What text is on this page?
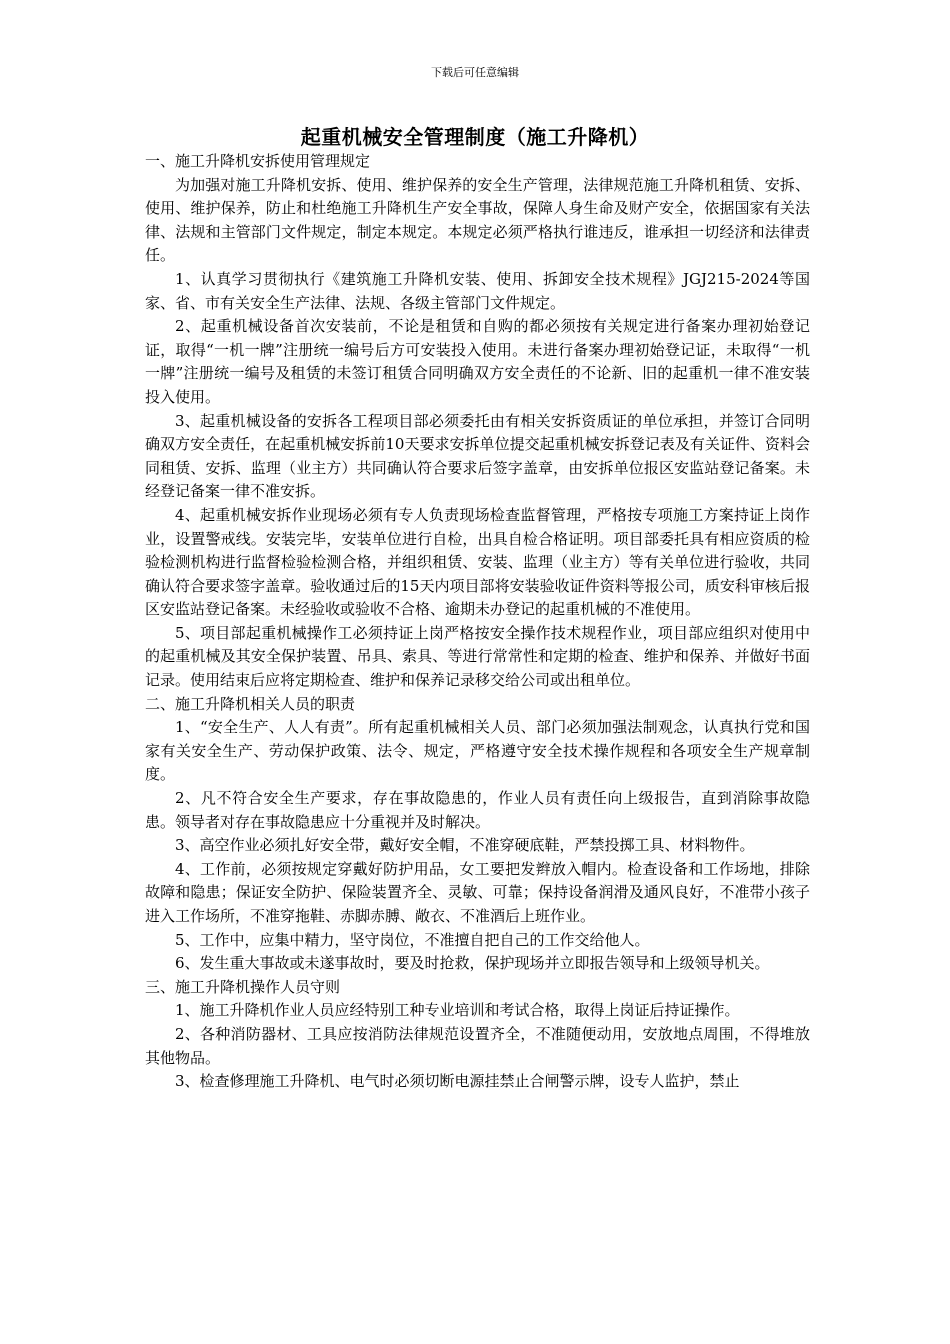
下载后可任意编辑
起重机械安全管理制度（施工升降机）

一、施工升降机安拆使用管理规定

为加强对施工升降机安拆、使用、维护保养的安全生产管理，法律规范施工升降机租赁、安拆、使用、维护保养，防止和杜绝施工升降机生产安全事故，保障人身生命及财产安全，依据国家有关法律、法规和主管部门文件规定，制定本规定。本规定必须严格执行谁违反，谁承担一切经济和法律责任。

1、认真学习贯彻执行《建筑施工升降机安装、使用、拆卸安全技术规程》JGJ215-2024等国家、省、市有关安全生产法律、法规、各级主管部门文件规定。

2、起重机械设备首次安装前，不论是租赁和自购的都必须按有关规定进行备案办理初始登记证，取得“一机一牌”注册统一编号后方可安装投入使用。未进行备案办理初始登记证，未取得“一机一牌”注册统一编号及租赁的未签订租赁合同明确双方安全责任的不论新、旧的起重机一律不准安装投入使用。

3、起重机械设备的安拆各工程项目部必须委托由有相关安拆资质证的单位承担，并签订合同明确双方安全责任，在起重机械安拆前10天要求安拆单位提交起重机械安拆登记表及有关证件、资料会同租赁、安拆、监理（业主方）共同确认符合要求后签字盖章，由安拆单位报区安监站登记备案。未经登记备案一律不准安拆。

4、起重机械安拆作业现场必须有专人负责现场检查监督管理，严格按专项施工方案持证上岗作业，设置警戒线。安装完毕，安装单位进行自检，出具自检合格证明。项目部委托具有相应资质的检验检测机构进行监督检验检测合格，并组织租赁、安装、监理（业主方）等有关单位进行验收，共同确认符合要求签字盖章。验收通过后的15天内项目部将安装验收证件资料等报公司，质安科审核后报区安监站登记备案。未经验收或验收不合格、逾期未办登记的起重机械的不准使用。

5、项目部起重机械操作工必须持证上岗严格按安全操作技术规程作业，项目部应组织对使用中的起重机械及其安全保护装置、吊具、索具、等进行常常性和定期的检查、维护和保养、并做好书面记录。使用结束后应将定期检查、维护和保养记录移交给公司或出租单位。

二、施工升降机相关人员的职责

1、“安全生产、人人有责”。所有起重机械相关人员、部门必须加强法制观念，认真执行党和国家有关安全生产、劳动保护政策、法令、规定，严格遵守安全技术操作规程和各项安全生产规章制度。

2、凡不符合安全生产要求，存在事故隐患的，作业人员有责任向上级报告，直到消除事故隐患。领导者对存在事故隐患应十分重视并及时解决。

3、高空作业必须扎好安全带，戴好安全帽，不准穿硬底鞋，严禁投掷工具、材料物件。

4、工作前，必须按规定穿戴好防护用品，女工要把发辫放入帽内。检查设备和工作场地，排除故障和隐患；保证安全防护、保险装置齐全、灵敏、可靠；保持设备润滑及通风良好，不准带小孩子进入工作场所，不准穿拖鞋、赤脚赤膊、敞衣、不准酒后上班作业。

5、工作中，应集中精力，坚守岗位，不准擅自把自己的工作交给他人。

6、发生重大事故或未遂事故时，要及时抢救，保护现场并立即报告领导和上级领导机关。

三、施工升降机操作人员守则

1、施工升降机作业人员应经特别工种专业培训和考试合格，取得上岗证后持证操作。

2、各种消防器材、工具应按消防法律规范设置齐全，不准随便动用，安放地点周围，不得堆放其他物品。

3、检查修理施工升降机、电气时必须切断电源挂禁止合闸警示牌，设专人监护，禁止
